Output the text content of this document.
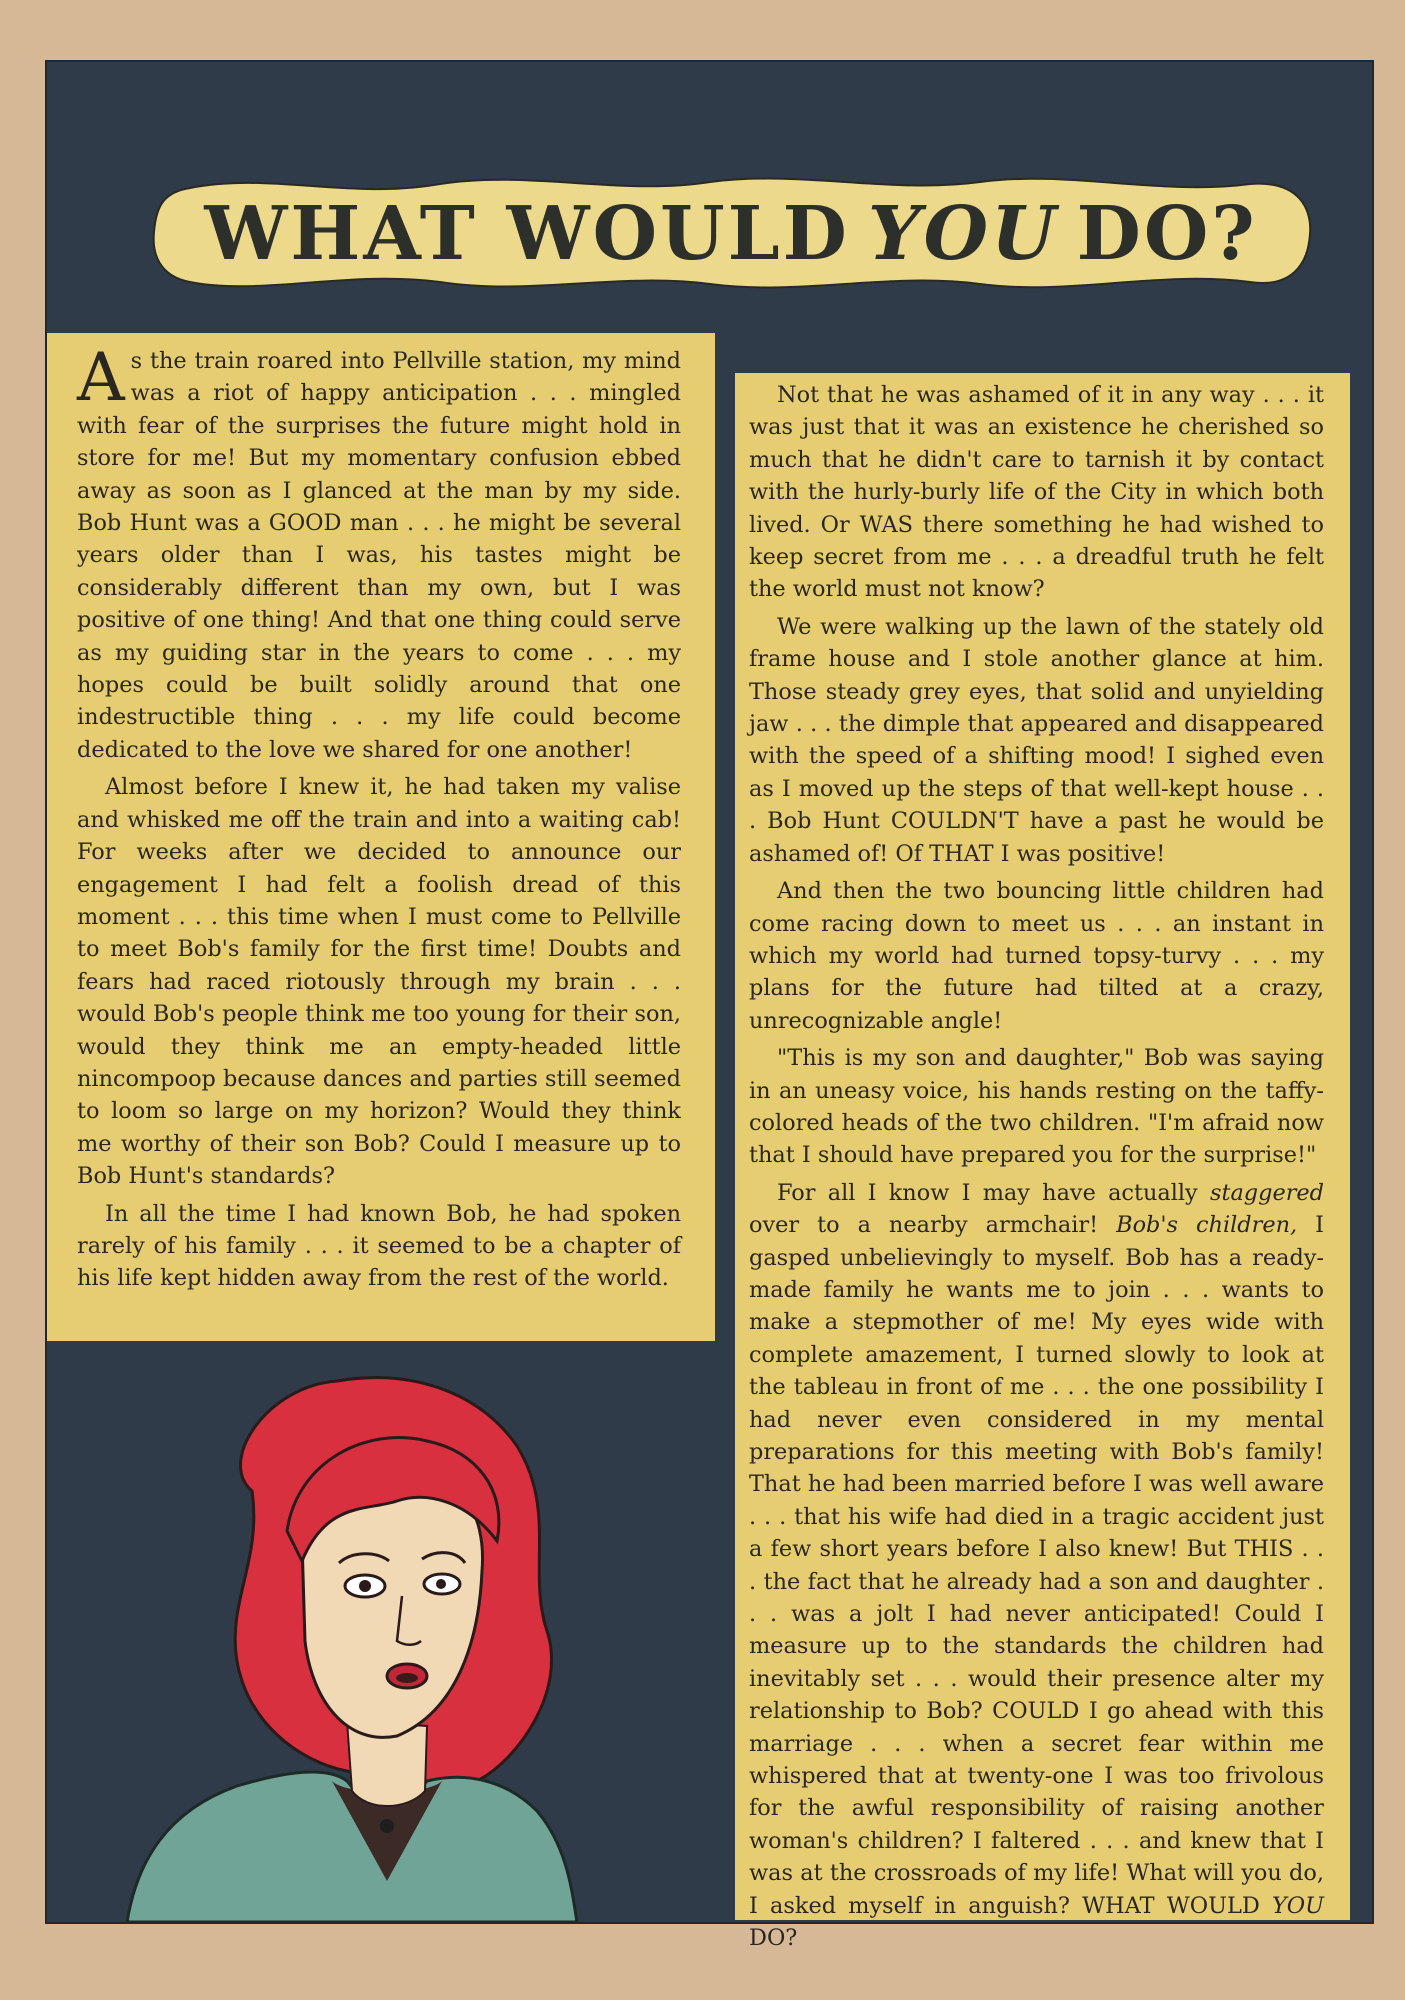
WHAT WOULD YOU DO?

As the train roared into Pellville station, my mind was a riot of happy anticipation . . . mingled with fear of the surprises the future might hold in store for me! But my momentary confusion ebbed away as soon as I glanced at the man by my side. Bob Hunt was a GOOD man . . . he might be several years older than I was, his tastes might be considerably different than my own, but I was positive of one thing! And that one thing could serve as my guiding star in the years to come . . . my hopes could be built solidly around that one indestructible thing . . . my life could become dedicated to the love we shared for one another!

Almost before I knew it, he had taken my valise and whisked me off the train and into a waiting cab! For weeks after we decided to announce our engagement I had felt a foolish dread of this moment . . . this time when I must come to Pellville to meet Bob's family for the first time! Doubts and fears had raced riotously through my brain . . . would Bob's people think me too young for their son, would they think me an empty-headed little nincompoop because dances and parties still seemed to loom so large on my horizon? Would they think me worthy of their son Bob? Could I measure up to Bob Hunt's standards?

In all the time I had known Bob, he had spoken rarely of his family . . . it seemed to be a chapter of his life kept hidden away from the rest of the world.

Not that he was ashamed of it in any way . . . it was just that it was an existence he cherished so much that he didn't care to tarnish it by contact with the hurly-burly life of the City in which both lived. Or WAS there something he had wished to keep secret from me . . . a dreadful truth he felt the world must not know?

We were walking up the lawn of the stately old frame house and I stole another glance at him. Those steady grey eyes, that solid and unyielding jaw . . . the dimple that appeared and disappeared with the speed of a shifting mood! I sighed even as I moved up the steps of that well-kept house . . . Bob Hunt COULDN'T have a past he would be ashamed of! Of THAT I was positive!

And then the two bouncing little children had come racing down to meet us . . . an instant in which my world had turned topsy-turvy . . . my plans for the future had tilted at a crazy, unrecognizable angle!

"This is my son and daughter," Bob was saying in an uneasy voice, his hands resting on the taffy-colored heads of the two children. "I'm afraid now that I should have prepared you for the surprise!"

For all I know I may have actually staggered over to a nearby armchair! Bob's children, I gasped unbelievingly to myself. Bob has a ready-made family he wants me to join . . . wants to make a stepmother of me! My eyes wide with complete amazement, I turned slowly to look at the tableau in front of me . . . the one possibility I had never even considered in my mental preparations for this meeting with Bob's family! That he had been married before I was well aware . . . that his wife had died in a tragic accident just a few short years before I also knew! But THIS . . . the fact that he already had a son and daughter . . . was a jolt I had never anticipated! Could I measure up to the standards the children had inevitably set . . . would their presence alter my relationship to Bob? COULD I go ahead with this marriage . . . when a secret fear within me whispered that at twenty-one I was too frivolous for the awful responsibility of raising another woman's children? I faltered . . . and knew that I was at the crossroads of my life! What will you do, I asked myself in anguish? WHAT WOULD YOU DO?
